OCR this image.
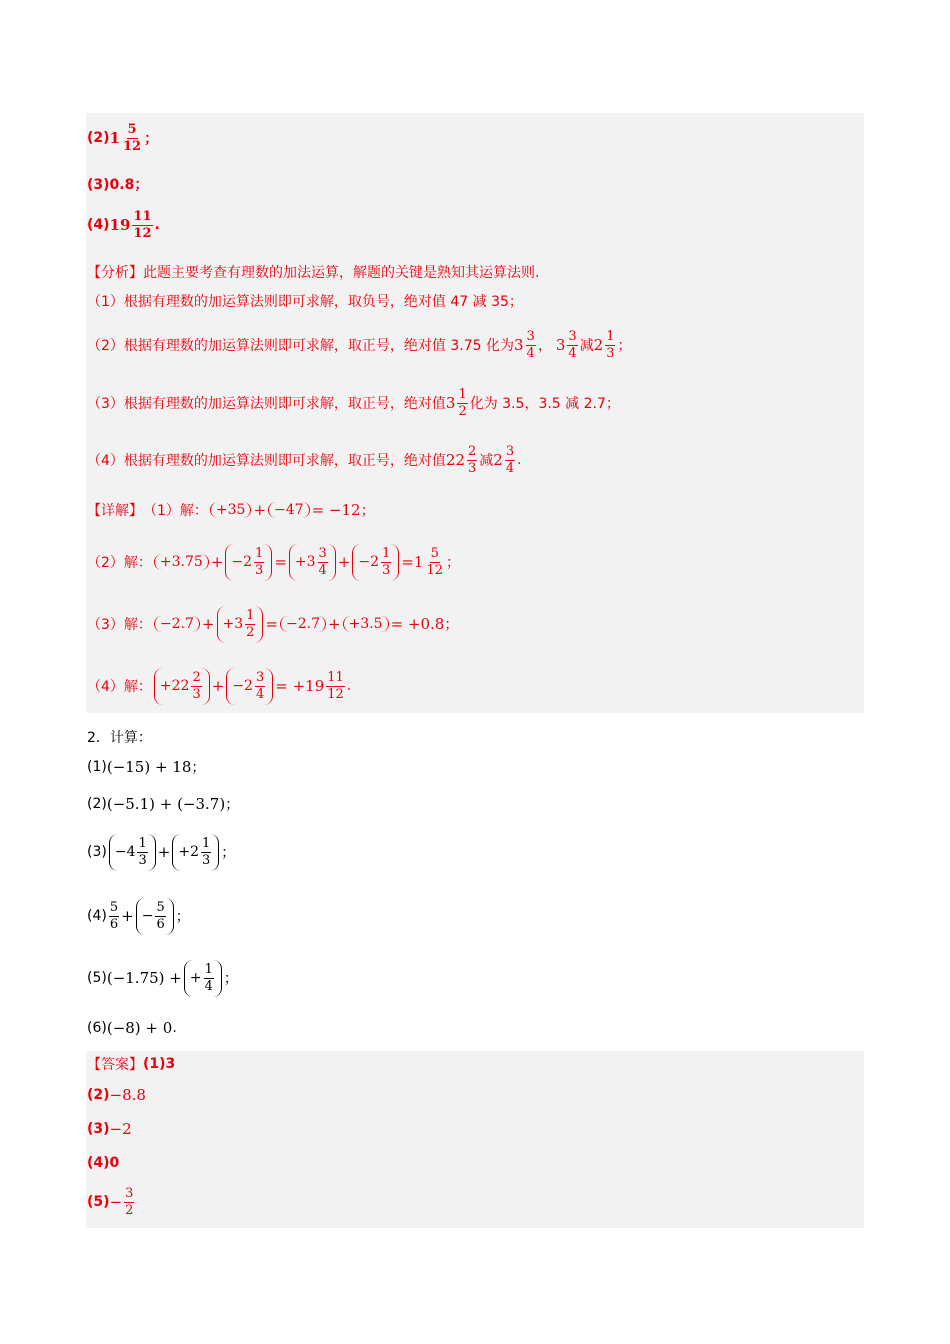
(2) $1 \frac{5}{12}$ ；
(3)0.8；
(4) $19 \frac{11}{12}$ .
【分析】 此题主要考查有理数的加法运算，解题的关键是熟知其运算法则.
（1）根据有理数的加运算法则即可求解，取负号，绝对值 47 减 35；
（2）根据有理数的加运算法则即可求解，取正号，绝对值 3.75 化为 $3 \frac{3}{4}$ ， $3 \frac{3}{4}$ 减 $2 \frac{1}{3}$ ；
（3）根据有理数的加运算法则即可求解，取正号，绝对值 $3 \frac{1}{2}$ 化为 3.5，3.5 减 2.7；
（4）根据有理数的加运算法则即可求解，取正号，绝对值 $22 \frac{2}{3}$ 减 $2 \frac{3}{4}$ .
【详解】 （1）解： +35 + −47 = −12 ；
（2）解： $+3.75 + -2 \frac{1}{3} = +3 \frac{3}{4} + -2 \frac{1}{3} = 1 \frac{5}{12}$ ；
（3）解： $-2.7 + +3 \frac{1}{2} = -2.7 + +3.5 = +0.8$ ；
（4）解： $+22 \frac{2}{3} + -2 \frac{3}{4} = +19 \frac{11}{12}$ .
2．计算：
(1) (−15) + 18 ；
(2) (−5.1) + (−3.7) ；
$(3) -4 \frac{1}{3} + +2 \frac{1}{3}$ ；
$(4) \frac{5}{6}$ + − $\frac{5}{6}$ ；
(5) (−1.75) + + $\frac{1}{4}$ ；
(6) (−8) + 0 .
【答案】 (1)3
(2) −8.8
(3) −2
(4)0
$(5) - \frac{3}{2}$
